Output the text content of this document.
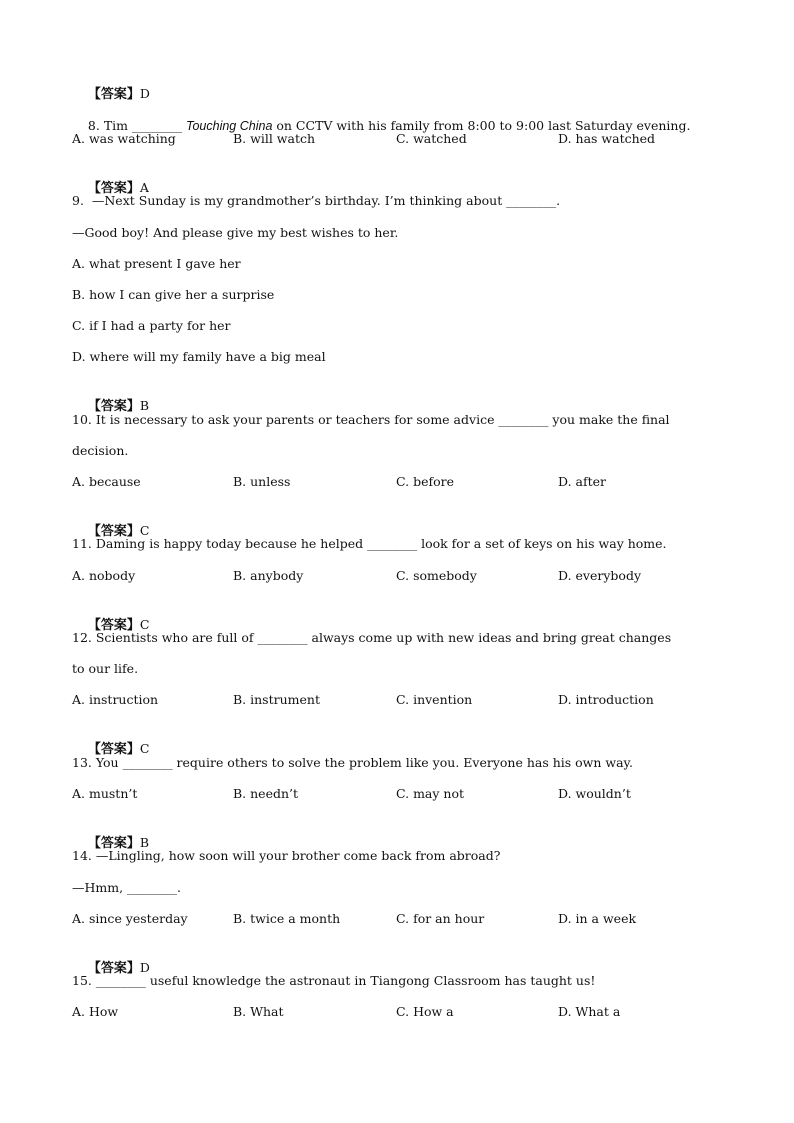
【答案】D

8. Tim ________ Touching China on CCTV with his family from 8:00 to 9:00 last Saturday evening.

A. was watching	B. will watch	C. watched	D. has watched

【答案】A

9.  —Next Sunday is my grandmother’s birthday. I’m thinking about ________.
—Good boy! And please give my best wishes to her.
A. what present I gave her
B. how I can give her a surprise
C. if I had a party for her
D. where will my family have a big meal

【答案】B

10. It is necessary to ask your parents or teachers for some advice ________ you make the final
decision.
A. because	B. unless	C. before	D. after

【答案】C

11. Daming is happy today because he helped ________ look for a set of keys on his way home.
A. nobody	B. anybody	C. somebody	D. everybody

【答案】C

12. Scientists who are full of ________ always come up with new ideas and bring great changes
to our life.
A. instruction	B. instrument	C. invention	D. introduction

【答案】C

13. You ________ require others to solve the problem like you. Everyone has his own way.
A. mustn’t	B. needn’t	C. may not	D. wouldn’t

【答案】B

14. —Lingling, how soon will your brother come back from abroad?
—Hmm, ________.
A. since yesterday	B. twice a month	C. for an hour	D. in a week

【答案】D

15. ________ useful knowledge the astronaut in Tiangong Classroom has taught us!
A. How	B. What	C. How a	D. What a
